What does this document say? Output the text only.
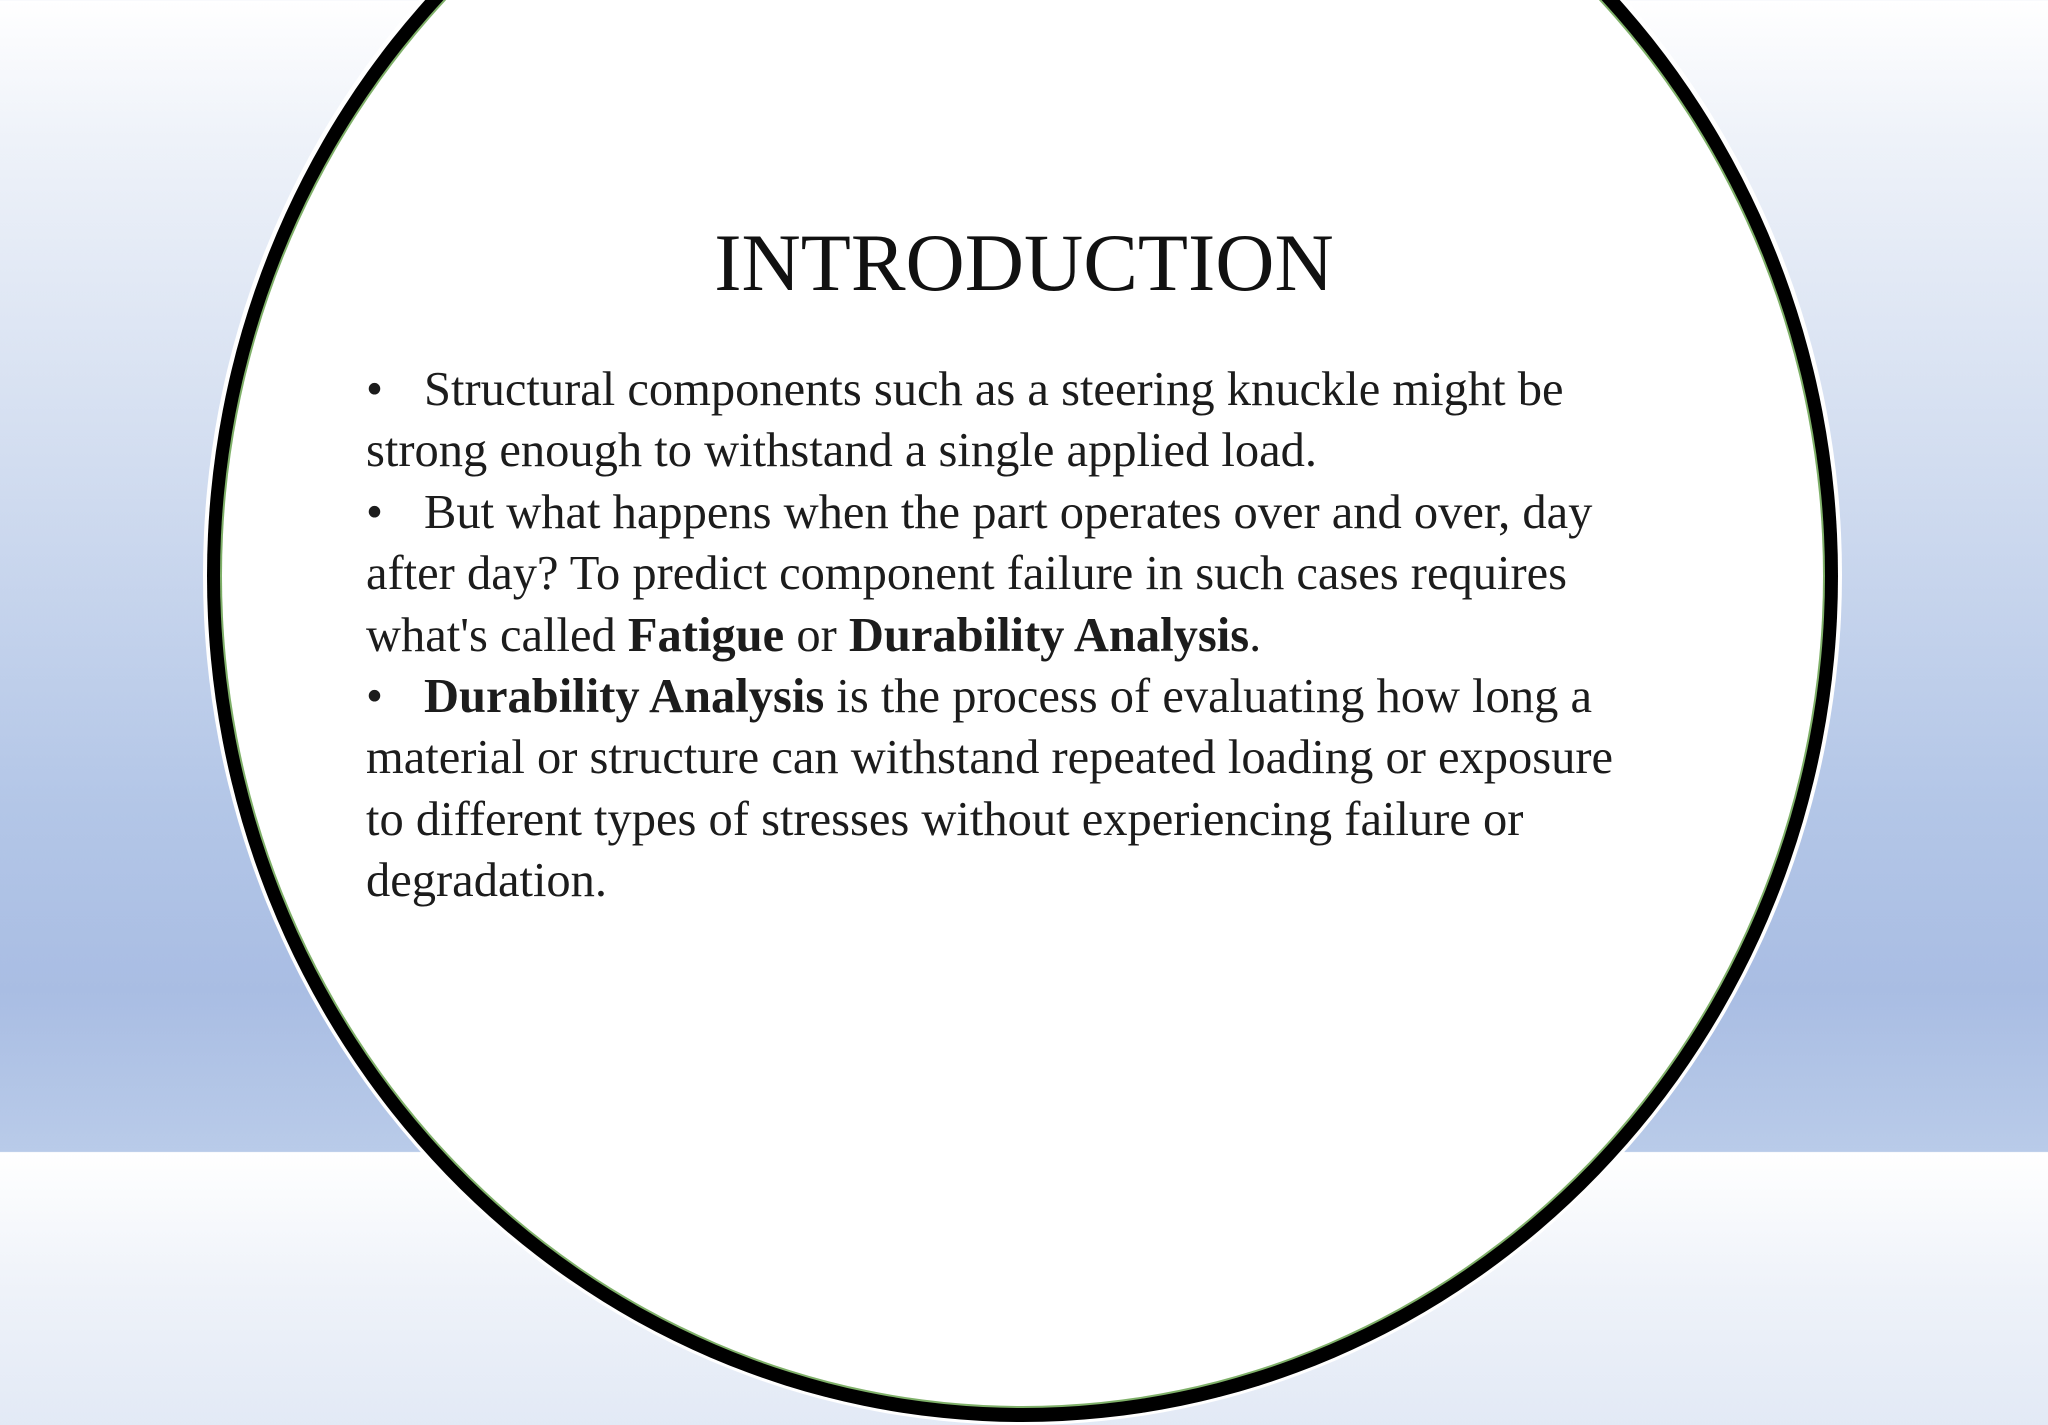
INTRODUCTION

• Structural components such as a steering knuckle might be
strong enough to withstand a single applied load.

• But what happens when the part operates over and over, day
after day? To predict component failure in such cases requires
what's called Fatigue or Durability Analysis.

• Durability Analysis is the process of evaluating how long a
material or structure can withstand repeated loading or exposure
to different types of stresses without experiencing failure or
degradation.
